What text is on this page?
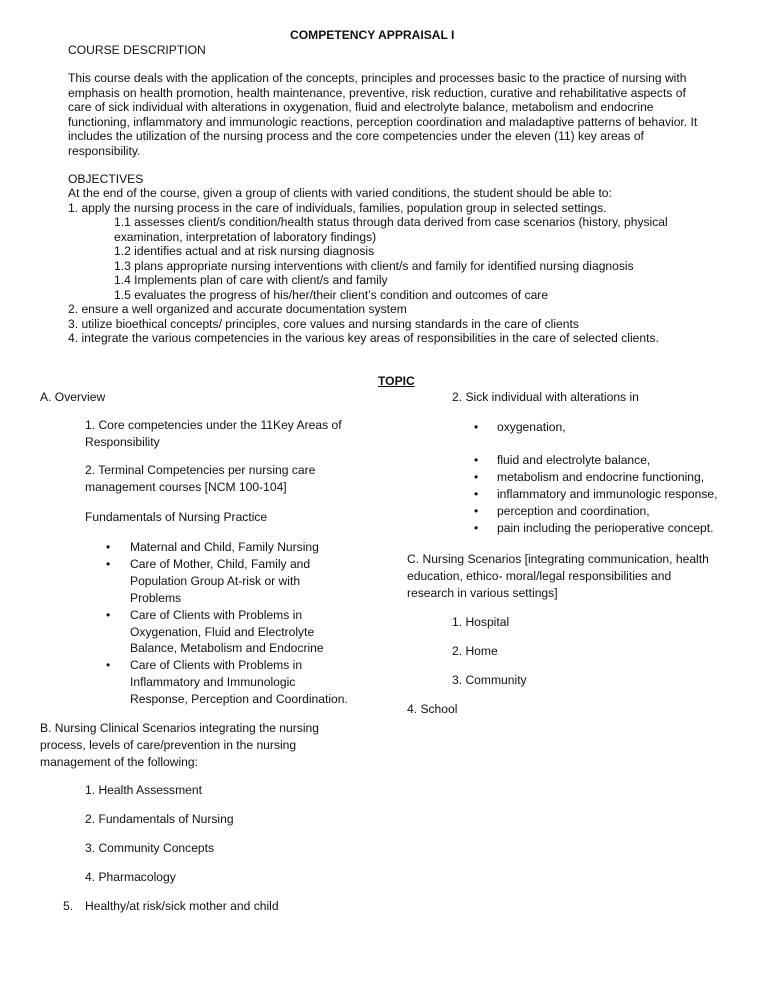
COMPETENCY APPRAISAL I
COURSE DESCRIPTION
This course deals with the application of the concepts, principles and processes basic to the practice of nursing with
emphasis on health promotion, health maintenance, preventive, risk reduction, curative and rehabilitative aspects of
care of sick individual with alterations in oxygenation, fluid and electrolyte balance, metabolism and endocrine
functioning, inflammatory and immunologic reactions, perception coordination and maladaptive patterns of behavior. It
includes the utilization of the nursing process and the core competencies under the eleven (11) key areas of
responsibility.
OBJECTIVES
At the end of the course, given a group of clients with varied conditions, the student should be able to:
1. apply the nursing process in the care of individuals, families, population group in selected settings.
1.1 assesses client/s condition/health status through data derived from case scenarios (history, physical
examination, interpretation of laboratory findings)
1.2 identifies actual and at risk nursing diagnosis
1.3 plans appropriate nursing interventions with client/s and family for identified nursing diagnosis
1.4 Implements plan of care with client/s and family
1.5 evaluates the progress of his/her/their client’s condition and outcomes of care
2. ensure a well organized and accurate documentation system
3. utilize bioethical concepts/ principles, core values and nursing standards in the care of clients
4. integrate the various competencies in the various key areas of responsibilities in the care of selected clients.
TOPIC
A. Overview
1. Core competencies under the 11Key Areas of
Responsibility
2. Terminal Competencies per nursing care
management courses [NCM 100-104]
Fundamentals of Nursing Practice
• Maternal and Child, Family Nursing
• Care of Mother, Child, Family and
Population Group At-risk or with
Problems
• Care of Clients with Problems in
Oxygenation, Fluid and Electrolyte
Balance, Metabolism and Endocrine
• Care of Clients with Problems in
Inflammatory and Immunologic
Response, Perception and Coordination.
B. Nursing Clinical Scenarios integrating the nursing
process, levels of care/prevention in the nursing
management of the following:
1. Health Assessment
2. Fundamentals of Nursing
3. Community Concepts
4. Pharmacology
5. Healthy/at risk/sick mother and child
2. Sick individual with alterations in
• oxygenation,
• fluid and electrolyte balance,
• metabolism and endocrine functioning,
• inflammatory and immunologic response,
• perception and coordination,
• pain including the perioperative concept.
C. Nursing Scenarios [integrating communication, health
education, ethico- moral/legal responsibilities and
research in various settings]
1. Hospital
2. Home
3. Community
4. School
